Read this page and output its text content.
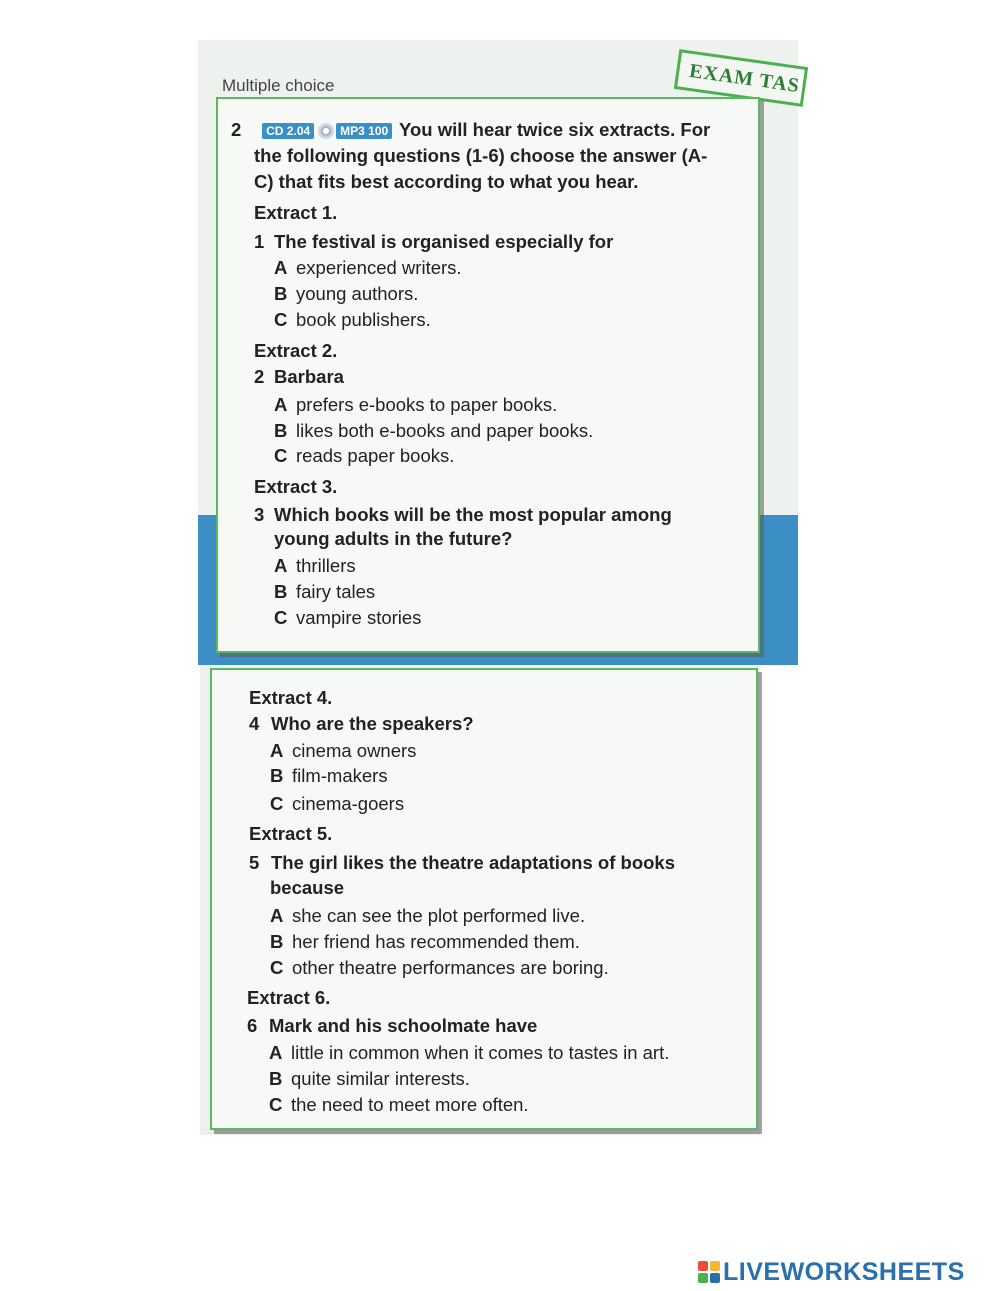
Multiple choice	EXAM TAS
2 CD 2.04	MP3 100 You will hear twice six extracts. For
the following questions (1-6) choose the answer (A-
C) that fits best according to what you hear.
Extract 1.
1 The festival is organised especially for
A experienced writers.
B young authors.
C book publishers.
Extract 2.
2 Barbara
A prefers e-books to paper books.
B likes both e-books and paper books.
C reads paper books.
Extract 3.
3 Which books will be the most popular among
young adults in the future?
A thrillers
B fairy tales
C vampire stories
Extract 4.
4 Who are the speakers?
A cinema owners
B film-makers
C cinema-goers
Extract 5.
5 The girl likes the theatre adaptations of books
because
A she can see the plot performed live.
B her friend has recommended them.
C other theatre performances are boring.
Extract 6.
6 Mark and his schoolmate have
A little in common when it comes to tastes in art.
B quite similar interests.
C the need to meet more often.
LIVEWORKSHEETS
